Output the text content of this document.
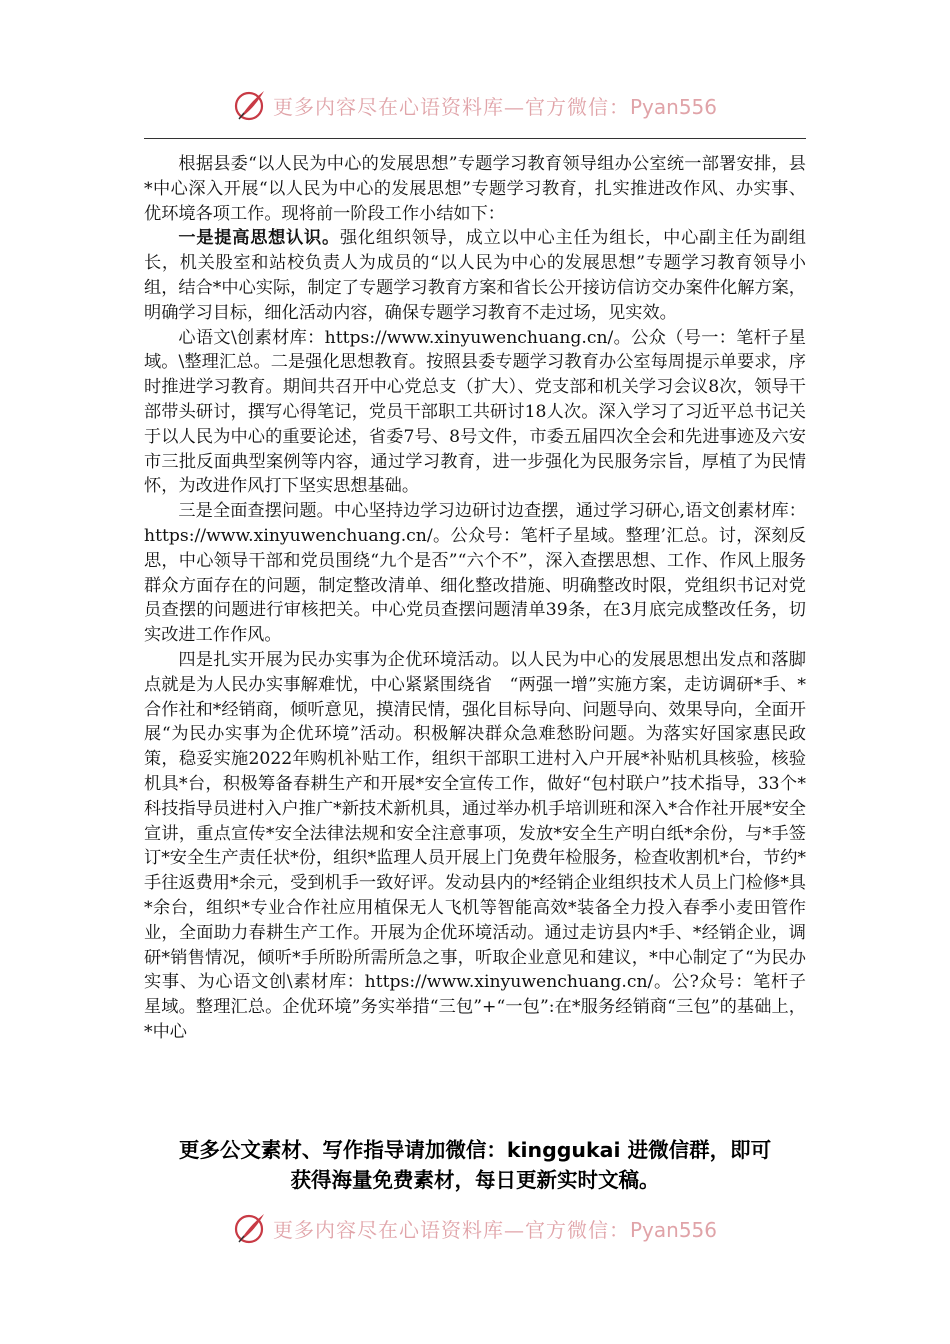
更多内容尽在心语资料库—官方微信：Pyan556

根据县委“以人民为中心的发展思想”专题学习教育领导组办公室统一部署安排，县*中心深入开展“以人民为中心的发展思想”专题学习教育，扎实推进改作风、办实事、优环境各项工作。现将前一阶段工作小结如下：

一是提高思想认识。强化组织领导，成立以中心主任为组长，中心副主任为副组长，机关股室和站校负责人为成员的“以人民为中心的发展思想”专题学习教育领导小组，结合*中心实际，制定了专题学习教育方案和省长公开接访信访交办案件化解方案，明确学习目标，细化活动内容，确保专题学习教育不走过场，见实效。

心语文\创素材库：https://www.xinyuwenchuang.cn/。公众（号一：笔杆子星域。\整理汇总。二是强化思想教育。按照县委专题学习教育办公室每周提示单要求，序时推进学习教育。期间共召开中心党总支（扩大）、党支部和机关学习会议8次，领导干部带头研讨，撰写心得笔记，党员干部职工共研讨18人次。深入学习了习近平总书记关于以人民为中心的重要论述，省委7号、8号文件，市委五届四次全会和先进事迹及六安市三批反面典型案例等内容，通过学习教育，进一步强化为民服务宗旨，厚植了为民情怀，为改进作风打下坚实思想基础。

三是全面查摆问题。中心坚持边学习边研讨边查摆，通过学习研心,语文创素材库：https://www.xinyuwenchuang.cn/。公众号：笔杆子星域。整理’汇总。讨，深刻反思，中心领导干部和党员围绕“九个是否”“六个不”，深入查摆思想、工作、作风上服务群众方面存在的问题，制定整改清单、细化整改措施、明确整改时限，党组织书记对党员查摆的问题进行审核把关。中心党员查摆问题清单39条，在3月底完成整改任务，切实改进工作作风。

四是扎实开展为民办实事为企优环境活动。以人民为中心的发展思想出发点和落脚点就是为人民办实事解难忧，中心紧紧围绕省　“两强一增”实施方案，走访调研*手、*合作社和*经销商，倾听意见，摸清民情，强化目标导向、问题导向、效果导向，全面开展“为民办实事为企优环境”活动。积极解决群众急难愁盼问题。为落实好国家惠民政策，稳妥实施2022年购机补贴工作，组织干部职工进村入户开展*补贴机具核验，核验机具*台，积极筹备春耕生产和开展*安全宣传工作，做好“包村联户”技术指导，33个*科技指导员进村入户推广*新技术新机具，通过举办机手培训班和深入*合作社开展*安全宣讲，重点宣传*安全法律法规和安全注意事项，发放*安全生产明白纸*余份，与*手签订*安全生产责任状*份，组织*监理人员开展上门免费年检服务，检查收割机*台，节约*手往返费用*余元，受到机手一致好评。发动县内的*经销企业组织技术人员上门检修*具*余台，组织*专业合作社应用植保无人飞机等智能高效*装备全力投入春季小麦田管作业，全面助力春耕生产工作。开展为企优环境活动。通过走访县内*手、*经销企业，调研*销售情况，倾听*手所盼所需所急之事，听取企业意见和建议，*中心制定了“为民办实事、为心语文创\素材库：https://www.xinyuwenchuang.cn/。公?众号：笔杆子星域。整理汇总。企优环境”务实举措“三包”+“一包”:在*服务经销商“三包”的基础上，*中心

更多公文素材、写作指导请加微信：kinggukai 进微信群，即可
获得海量免费素材，每日更新实时文稿。
更多内容尽在心语资料库—官方微信：Pyan556
